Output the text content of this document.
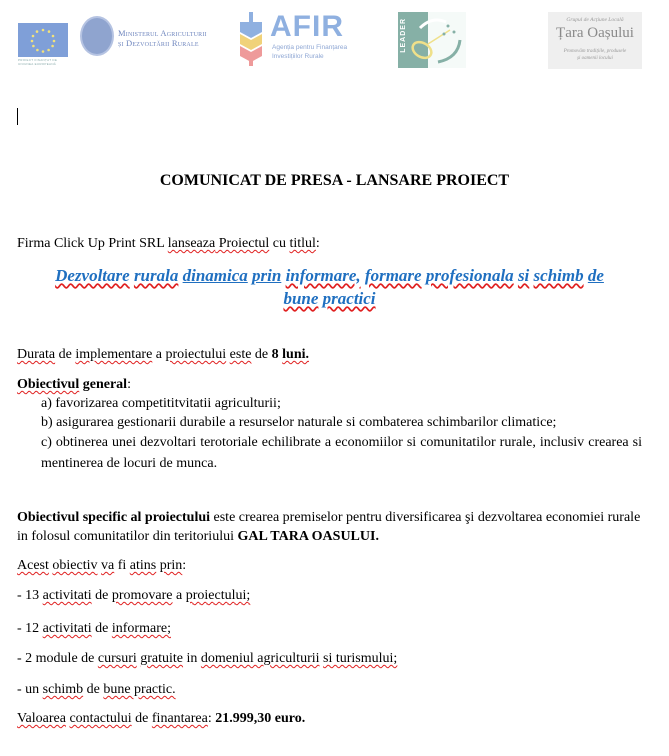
PROIECT FINANȚAT DE UNIUNEA EUROPEANĂ
Ministerul Agriculturii
și Dezvoltării Rurale AFIR
Agenția pentru Finanțarea
Investițiilor Rurale
LEADER	Grupul de Acțiune Locală
Țara Oașului
Promovăm tradițiile, produsele
și oamenii locului
COMUNICAT DE PRESA - LANSARE PROIECT
Firma Click Up Print SRL lanseaza Proiectul cu titlul:
Dezvoltare rurala dinamica prin informare, formare profesionala si schimb de
bune practici
Durata de implementare a proiectului este de 8 luni.
Obiectivul general:
a) favorizarea competititvitatii agriculturii;
b) asigurarea gestionarii durabile a resurselor naturale si combaterea schimbarilor climatice;
c) obtinerea unei dezvoltari terotoriale echilibrate a economiilor si comunitatilor rurale, inclusiv crearea si mentinerea de locuri de munca.
Obiectivul specific al proiectului este crearea premiselor pentru diversificarea şi dezvoltarea economiei rurale in folosul comunitatilor din teritoriului GAL TARA OASULUI.
Acest obiectiv va fi atins prin:
- 13 activitati de promovare a proiectului;
- 12 activitati de informare;
- 2 module de cursuri gratuite in domeniul agriculturii si turismului;
- un schimb de bune practic.
Valoarea contactului de finantarea: 21.999,30 euro.
